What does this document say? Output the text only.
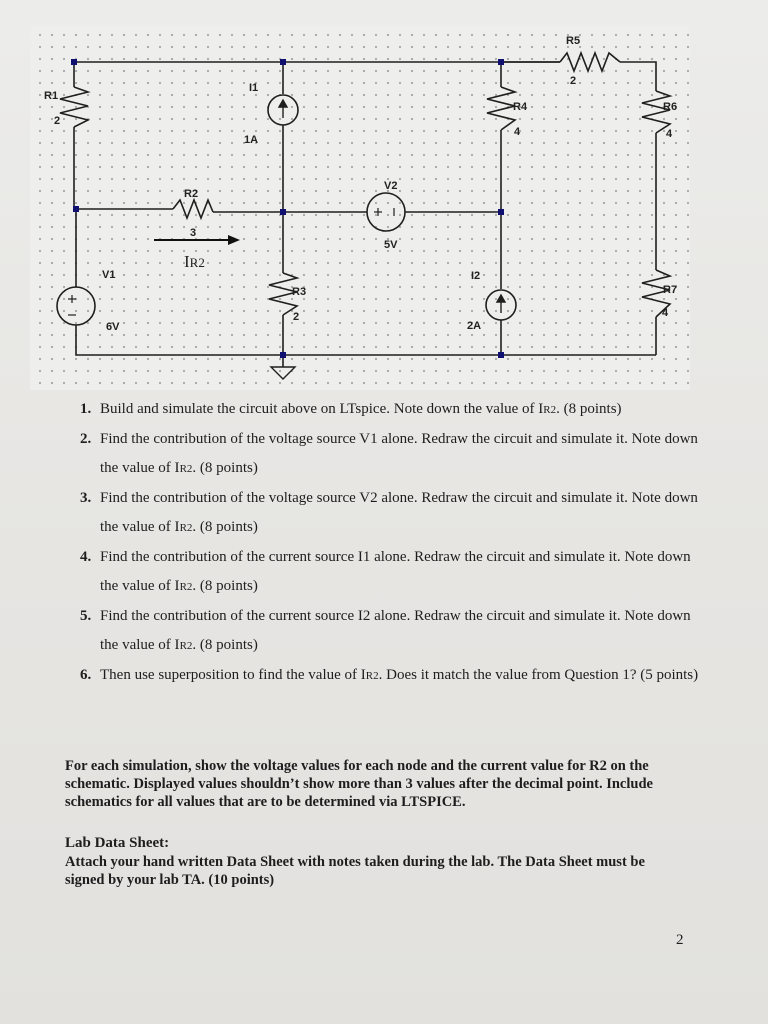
R1
2
I1
1A
R2
3
IR2
V2
5V
R4
4
R5
2
R6
4
V1
6V
R3
2
I2
2A
R7
4
1. Build and simulate the circuit above on LTspice. Note down the value of IR2. (8 points)
2. Find the contribution of the voltage source V1 alone. Redraw the circuit and simulate it. Note down the value of IR2. (8 points)
3. Find the contribution of the voltage source V2 alone. Redraw the circuit and simulate it. Note down the value of IR2. (8 points)
4. Find the contribution of the current source I1 alone. Redraw the circuit and simulate it. Note down the value of IR2. (8 points)
5. Find the contribution of the current source I2 alone. Redraw the circuit and simulate it. Note down the value of IR2. (8 points)
6. Then use superposition to find the value of IR2. Does it match the value from Question 1? (5 points)

For each simulation, show the voltage values for each node and the current value for R2 on the schematic. Displayed values shouldn’t show more than 3 values after the decimal point. Include schematics for all values that are to be determined via LTSPICE.

Lab Data Sheet:

Attach your hand written Data Sheet with notes taken during the lab. The Data Sheet must be signed by your lab TA. (10 points)

2
